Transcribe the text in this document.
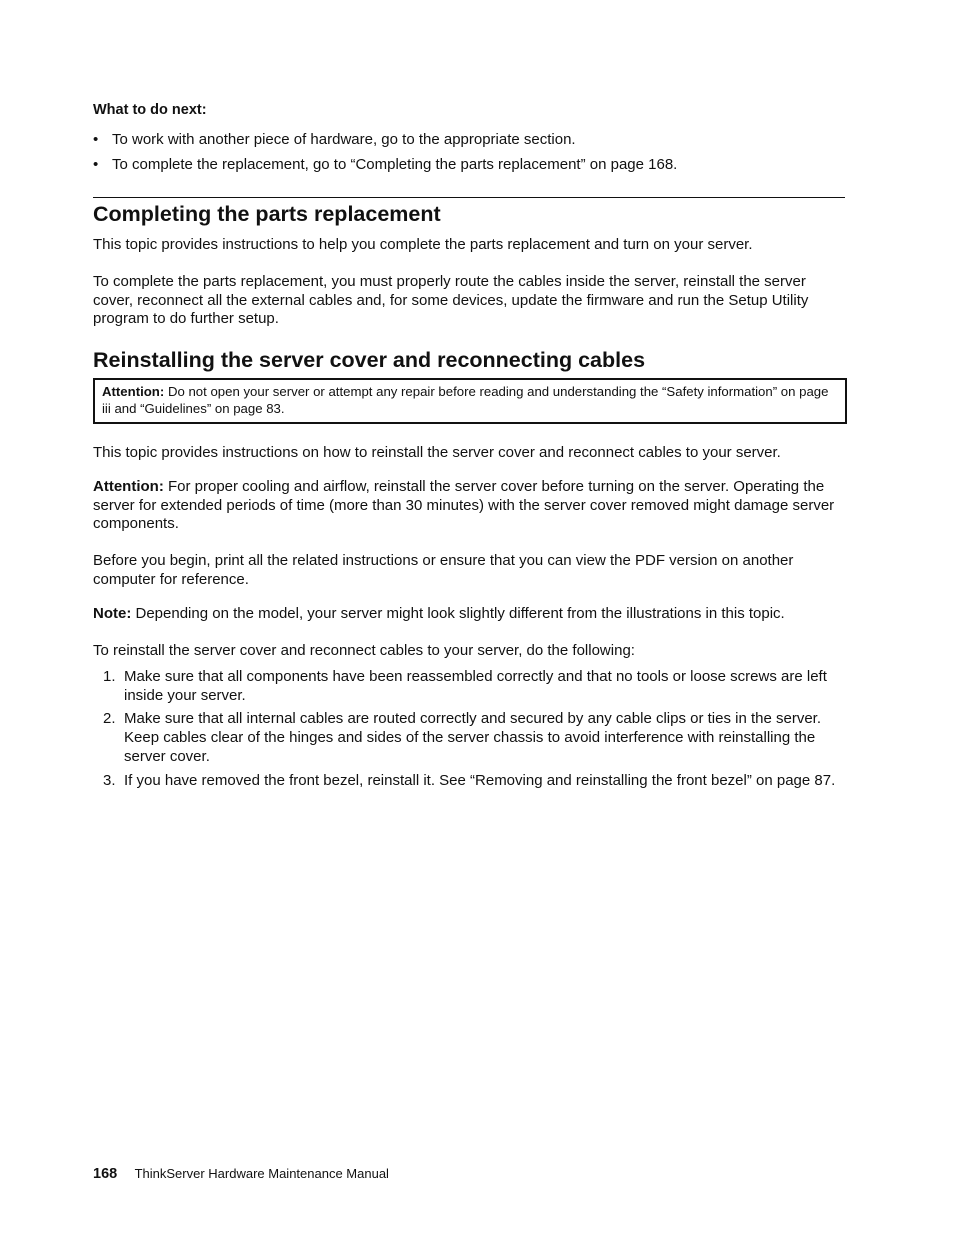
What to do next:
• To work with another piece of hardware, go to the appropriate section.
• To complete the replacement, go to “Completing the parts replacement” on page 168.
Completing the parts replacement

This topic provides instructions to help you complete the parts replacement and turn on your server.

To complete the parts replacement, you must properly route the cables inside the server, reinstall the server cover, reconnect all the external cables and, for some devices, update the firmware and run the Setup Utility program to do further setup.

Reinstalling the server cover and reconnecting cables
Attention: Do not open your server or attempt any repair before reading and understanding the “Safety information” on page iii and “Guidelines” on page 83.

This topic provides instructions on how to reinstall the server cover and reconnect cables to your server.

Attention: For proper cooling and airflow, reinstall the server cover before turning on the server. Operating the server for extended periods of time (more than 30 minutes) with the server cover removed might damage server components.

Before you begin, print all the related instructions or ensure that you can view the PDF version on another computer for reference.

Note: Depending on the model, your server might look slightly different from the illustrations in this topic.

To reinstall the server cover and reconnect cables to your server, do the following:

1. Make sure that all components have been reassembled correctly and that no tools or loose screws are left inside your server.
2. Make sure that all internal cables are routed correctly and secured by any cable clips or ties in the server. Keep cables clear of the hinges and sides of the server chassis to avoid interference with reinstalling the server cover.
3. If you have removed the front bezel, reinstall it. See “Removing and reinstalling the front bezel” on page 87.
168 ThinkServer Hardware Maintenance Manual
